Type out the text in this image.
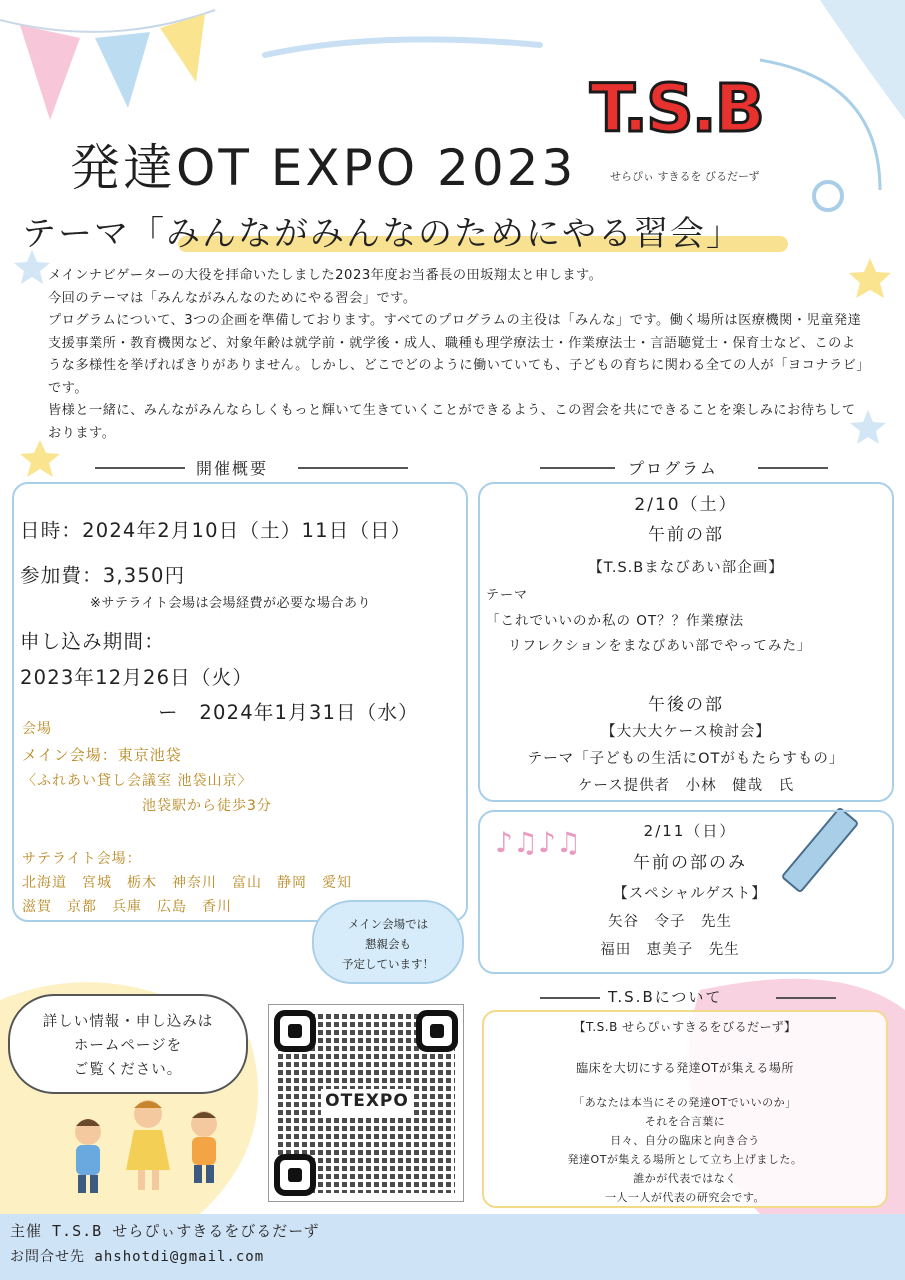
♪♫♪♫
T.S.B
せらぴぃ すきるを びるだーず
発達OT EXPO 2023
テーマ「みんながみんなのためにやる習会」

メインナビゲーターの大役を拝命いたしました2023年度お当番長の田坂翔太と申します。

今回のテーマは「みんながみんなのためにやる習会」です。

プログラムについて、3つの企画を準備しております。すべてのプログラムの主役は「みんな」です。働く場所は医療機関・児童発達支援事業所・教育機関など、対象年齢は就学前・就学後・成人、職種も理学療法士・作業療法士・言語聴覚士・保育士など、このような多様性を挙げればきりがありません。しかし、どこでどのように働いていても、子どもの育ちに関わる全ての人が「ヨコナラビ」です。

皆様と一緒に、みんながみんならしくもっと輝いて生きていくことができるよう、この習会を共にできることを楽しみにお待ちしております。

開催概要	プログラム
日時：2024年2月10日（土）11日（日）
参加費：3,350円
※サテライト会場は会場経費が必要な場合あり
申し込み期間：
2023年12月26日（火）
ー　2024年1月31日（水）
会場
メイン会場：東京池袋
〈ふれあい貸し会議室 池袋山京〉
池袋駅から徒歩3分
サテライト会場：
北海道　宮城　栃木　神奈川　富山　静岡　愛知
滋賀　京都　兵庫　広島　香川
メイン会場では
懇親会も
予定しています！
2/10（土）
午前の部
【T.S.Bまなびあい部企画】
テーマ
「これでいいのか私の OT？？作業療法
リフレクションをまなびあい部でやってみた」
午後の部
【大大大ケース検討会】
テーマ「子どもの生活にOTがもたらすもの」
ケース提供者　小林　健哉　氏
2/11（日）
午前の部のみ
【スペシャルゲスト】
矢谷　令子　先生
福田　恵美子　先生
詳しい情報・申し込みは
ホームページを
ご覧ください。
OTEXPO
T.S.Bについて
【T.S.B せらぴぃすきるをびるだーず】
臨床を大切にする発達OTが集える場所
「あなたは本当にその発達OTでいいのか」
それを合言葉に
日々、自分の臨床と向き合う
発達OTが集える場所として立ち上げました。
誰かが代表ではなく
一人一人が代表の研究会です。
主催 T.S.B せらぴぃすきるをびるだーず
お問合せ先 ahshotdi@gmail.com
